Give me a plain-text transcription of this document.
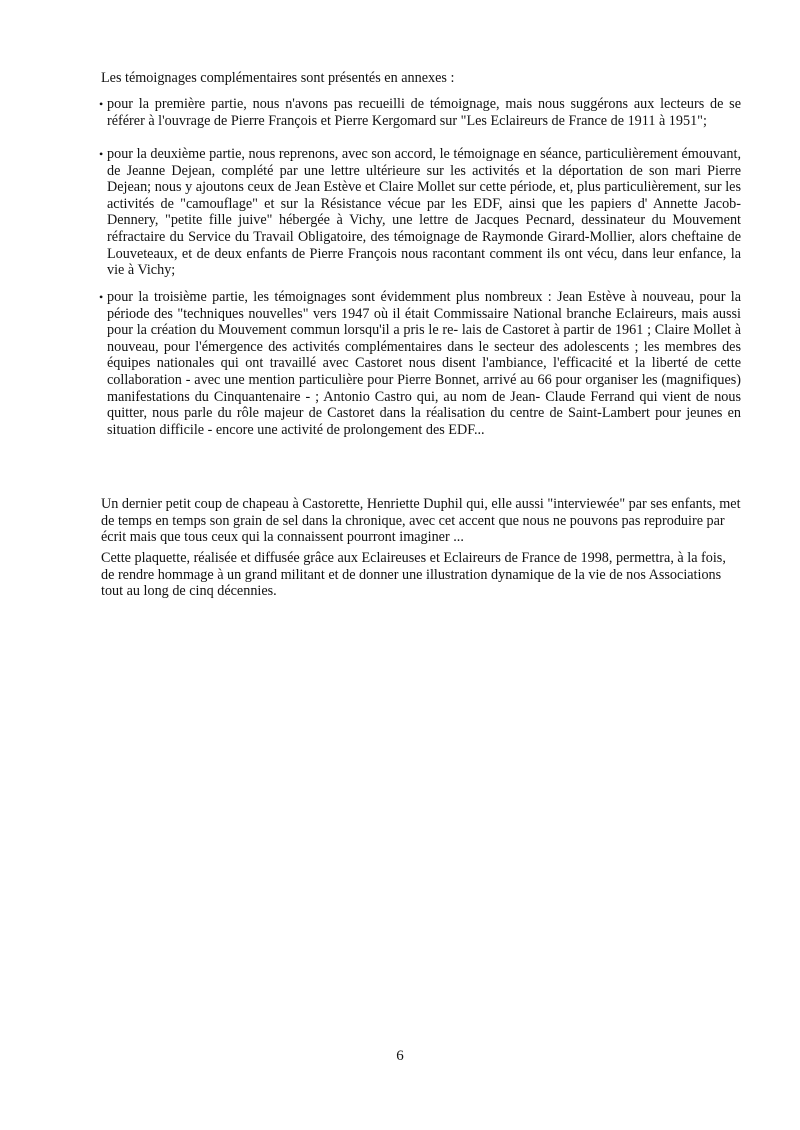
Les témoignages complémentaires sont présentés en annexes :

• pour la première partie, nous n'avons pas recueilli de témoignage, mais nous suggérons aux lecteurs de se référer à l'ouvrage de Pierre François et Pierre Kergomard sur "Les Eclaireurs de France de 1911 à 1951";

• pour la deuxième partie, nous reprenons, avec son accord, le témoignage en séance, particulièrement émouvant, de Jeanne Dejean, complété par une lettre ultérieure sur les activités et la déportation de son mari Pierre Dejean; nous y ajoutons ceux de Jean Estève et Claire Mollet sur cette période, et, plus particulièrement, sur les activités de "camouflage" et sur la Résistance vécue par les EDF, ainsi que les papiers d' Annette Jacob-Dennery, "petite fille juive" hébergée à Vichy, une lettre de Jacques Pecnard, dessinateur du Mouvement réfractaire du Service du Travail Obligatoire, des témoignage de Raymonde Girard-Mollier, alors cheftaine de Louveteaux, et de deux enfants de Pierre François nous racontant comment ils ont vécu, dans leur enfance, la vie à Vichy;

• pour la troisième partie, les témoignages sont évidemment plus nombreux : Jean Estève à nouveau, pour la période des "techniques nouvelles" vers 1947 où il était Commissaire National branche Eclaireurs, mais aussi pour la création du Mouvement commun lorsqu'il a pris le re- lais de Castoret à partir de 1961 ; Claire Mollet à nouveau, pour l'émergence des activités complémentaires dans le secteur des adolescents ; les membres des équipes nationales qui ont travaillé avec Castoret nous disent l'ambiance, l'efficacité et la liberté de cette collaboration - avec une mention particulière pour Pierre Bonnet, arrivé au 66 pour organiser les (magnifiques) manifestations du Cinquantenaire - ; Antonio Castro qui, au nom de Jean- Claude Ferrand qui vient de nous quitter, nous parle du rôle majeur de Castoret dans la réalisation du centre de Saint-Lambert pour jeunes en situation difficile - encore une activité de prolongement des EDF...

Un dernier petit coup de chapeau à Castorette, Henriette Duphil qui, elle aussi "interviewée" par ses enfants, met de temps en temps son grain de sel dans la chronique, avec cet accent que nous ne pouvons pas reproduire par écrit mais que tous ceux qui la connaissent pourront imaginer ...

Cette plaquette, réalisée et diffusée grâce aux Eclaireuses et Eclaireurs de France de 1998, permettra, à la fois, de rendre hommage à un grand militant et de donner une illustration dynamique de la vie de nos Associations tout au long de cinq décennies.

6
